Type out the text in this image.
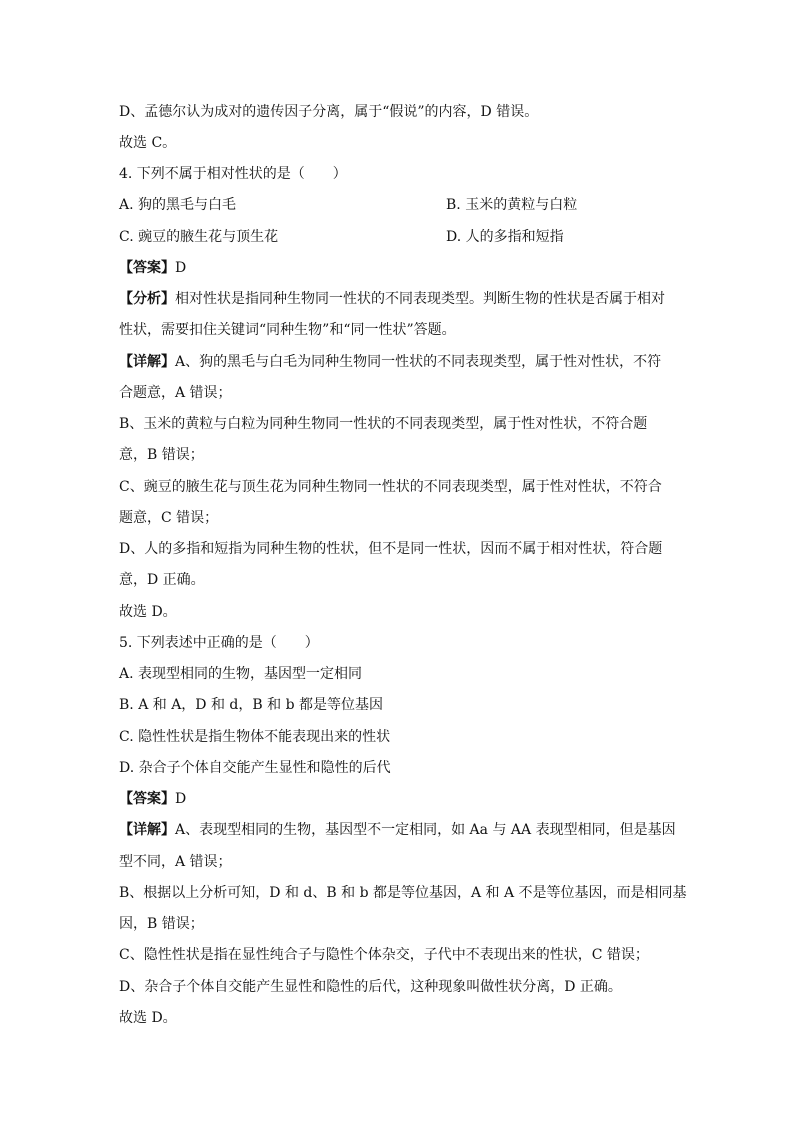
D、孟德尔认为成对的遗传因子分离，属于“假说”的内容，D 错误。
故选 C。
4. 下列不属于相对性状的是（　　）
A. 狗的黑毛与白毛	B. 玉米的黄粒与白粒
C. 豌豆的腋生花与顶生花	D. 人的多指和短指
【答案】D
【分析】相对性状是指同种生物同一性状的不同表现类型。判断生物的性状是否属于相对
性状，需要扣住关键词“同种生物”和“同一性状”答题。
【详解】A、狗的黑毛与白毛为同种生物同一性状的不同表现类型，属于性对性状，不符
合题意，A 错误；
B、玉米的黄粒与白粒为同种生物同一性状的不同表现类型，属于性对性状，不符合题
意，B 错误；
C、豌豆的腋生花与顶生花为同种生物同一性状的不同表现类型，属于性对性状，不符合
题意，C 错误；
D、人的多指和短指为同种生物的性状，但不是同一性状，因而不属于相对性状，符合题
意，D 正确。
故选 D。
5. 下列表述中正确的是（　　）
A. 表现型相同的生物，基因型一定相同
B. A 和 A，D 和 d，B 和 b 都是等位基因
C. 隐性性状是指生物体不能表现出来的性状
D. 杂合子个体自交能产生显性和隐性的后代
【答案】D
【详解】A、表现型相同的生物，基因型不一定相同，如 Aa 与 AA 表现型相同，但是基因
型不同，A 错误；
B、根据以上分析可知，D 和 d、B 和 b 都是等位基因，A 和 A 不是等位基因，而是相同基
因，B 错误；
C、隐性性状是指在显性纯合子与隐性个体杂交，子代中不表现出来的性状，C 错误；
D、杂合子个体自交能产生显性和隐性的后代，这种现象叫做性状分离，D 正确。
故选 D。
